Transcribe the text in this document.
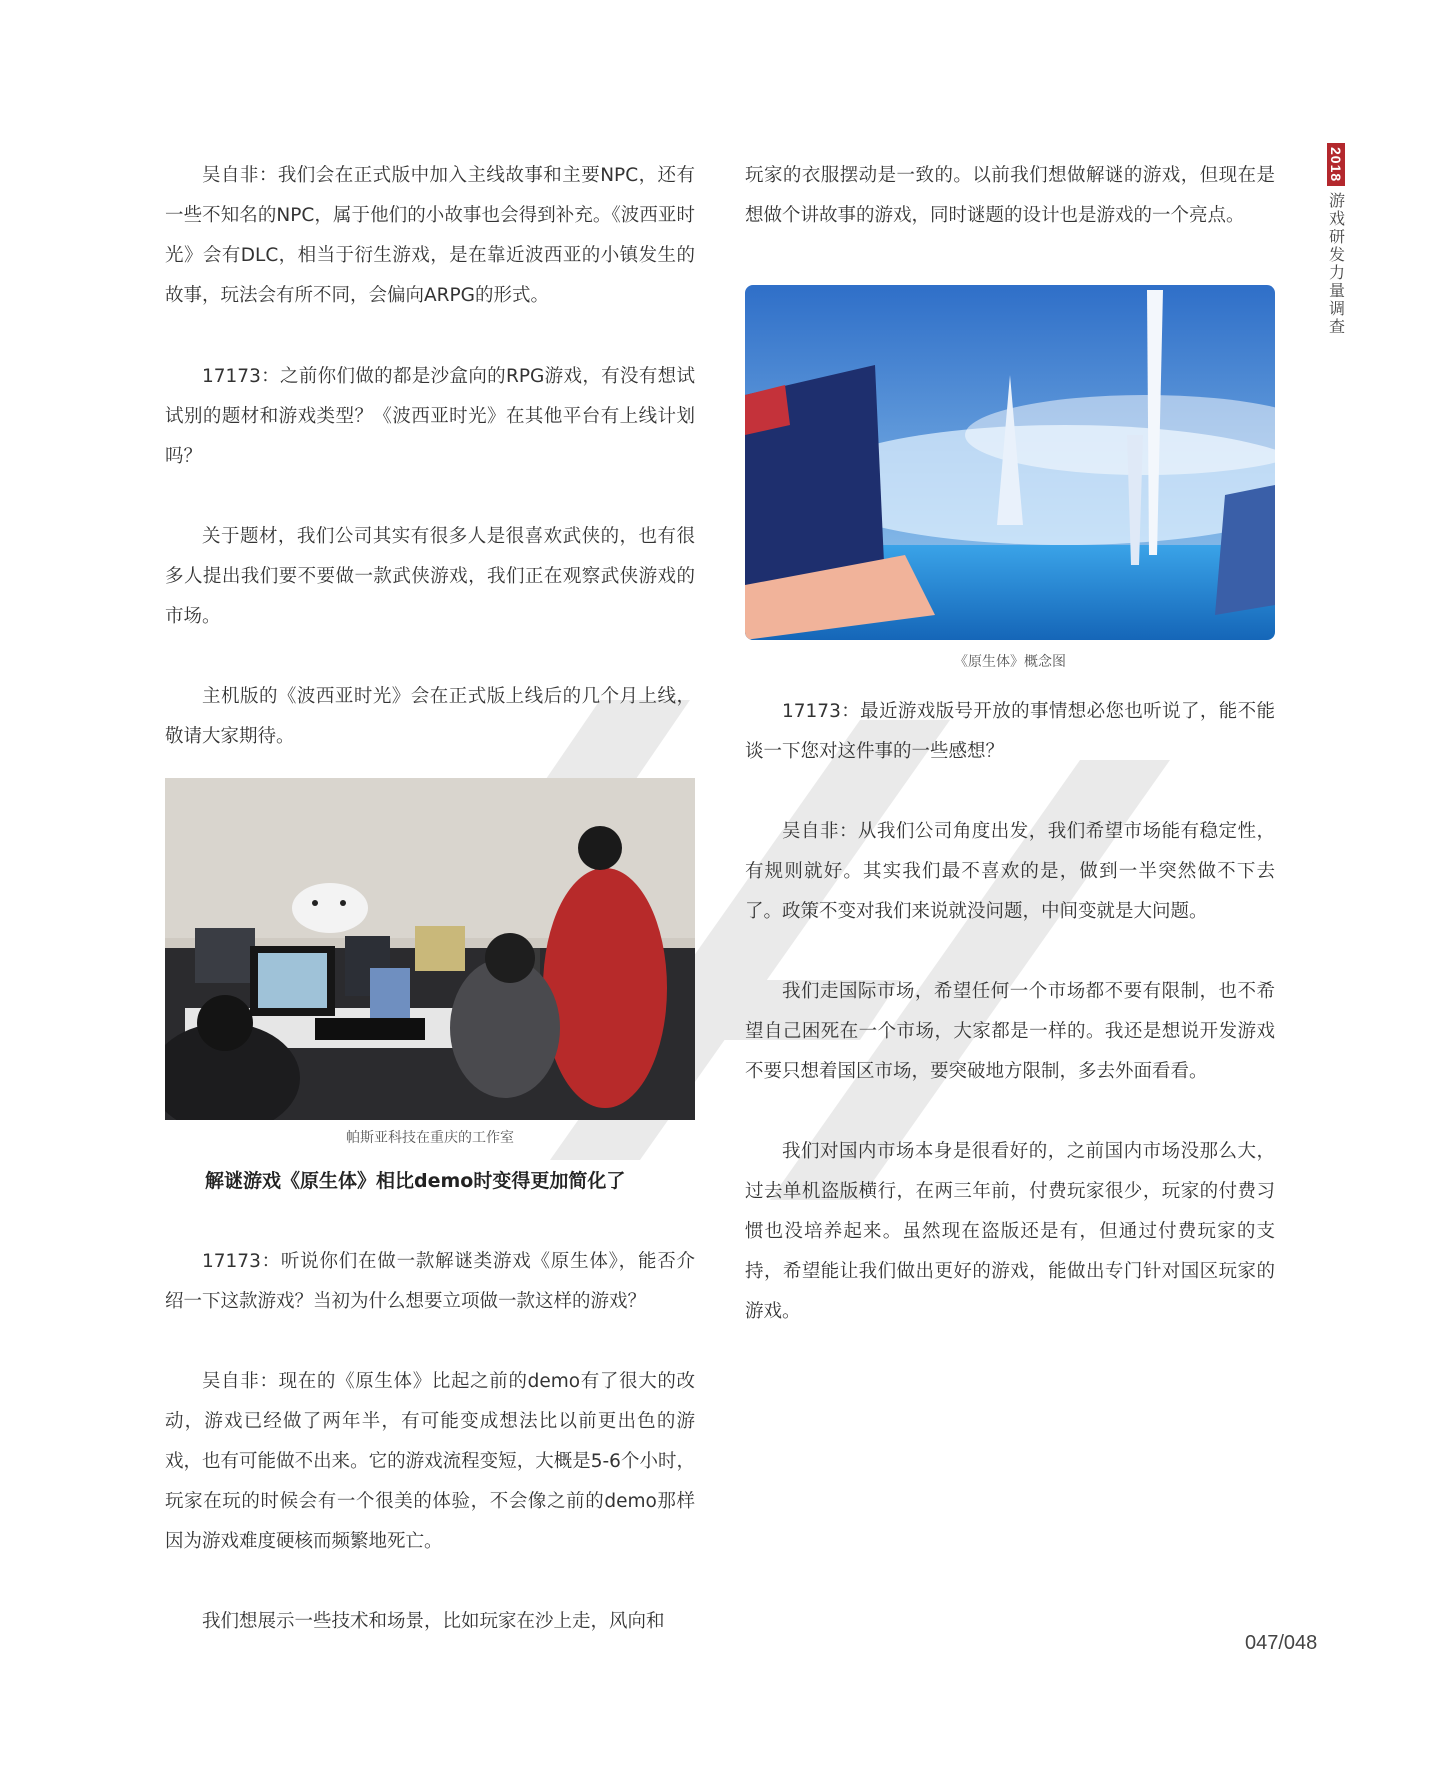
2018
游戏研发力量调查

吴自非：我们会在正式版中加入主线故事和主要NPC，还有一些不知名的NPC，属于他们的小故事也会得到补充。《波西亚时光》会有DLC，相当于衍生游戏，是在靠近波西亚的小镇发生的故事，玩法会有所不同，会偏向ARPG的形式。

17173：之前你们做的都是沙盒向的RPG游戏，有没有想试试别的题材和游戏类型？《波西亚时光》在其他平台有上线计划吗？

关于题材，我们公司其实有很多人是很喜欢武侠的，也有很多人提出我们要不要做一款武侠游戏，我们正在观察武侠游戏的市场。

主机版的《波西亚时光》会在正式版上线后的几个月上线，敬请大家期待。

帕斯亚科技在重庆的工作室
解谜游戏《原生体》相比demo时变得更加简化了

17173：听说你们在做一款解谜类游戏《原生体》，能否介绍一下这款游戏？当初为什么想要立项做一款这样的游戏？

吴自非：现在的《原生体》比起之前的demo有了很大的改动，游戏已经做了两年半，有可能变成想法比以前更出色的游戏，也有可能做不出来。它的游戏流程变短，大概是5-6个小时，玩家在玩的时候会有一个很美的体验，不会像之前的demo那样因为游戏难度硬核而频繁地死亡。

我们想展示一些技术和场景，比如玩家在沙上走，风向和

玩家的衣服摆动是一致的。以前我们想做解谜的游戏，但现在是想做个讲故事的游戏，同时谜题的设计也是游戏的一个亮点。

《原生体》概念图

17173：最近游戏版号开放的事情想必您也听说了，能不能谈一下您对这件事的一些感想？

吴自非：从我们公司角度出发，我们希望市场能有稳定性，有规则就好。其实我们最不喜欢的是，做到一半突然做不下去了。政策不变对我们来说就没问题，中间变就是大问题。

我们走国际市场，希望任何一个市场都不要有限制，也不希望自己困死在一个市场，大家都是一样的。我还是想说开发游戏不要只想着国区市场，要突破地方限制，多去外面看看。

我们对国内市场本身是很看好的，之前国内市场没那么大，过去单机盗版横行，在两三年前，付费玩家很少，玩家的付费习惯也没培养起来。虽然现在盗版还是有，但通过付费玩家的支持，希望能让我们做出更好的游戏，能做出专门针对国区玩家的游戏。

047/048
